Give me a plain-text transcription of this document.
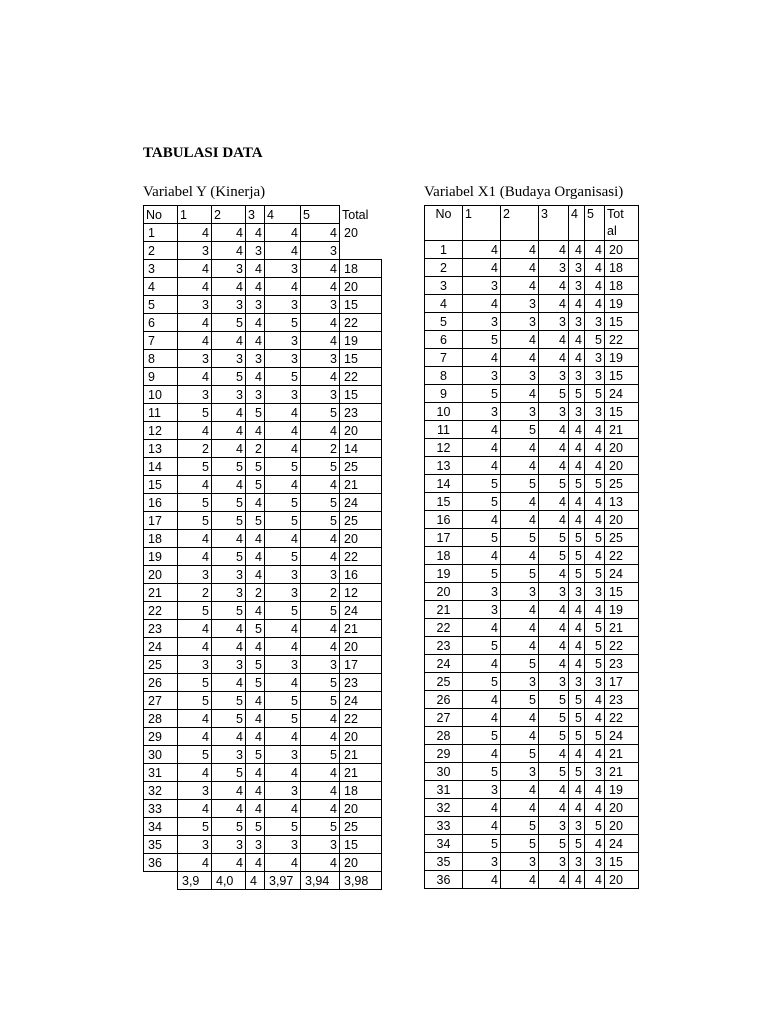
TABULASI DATA
Variabel Y (Kinerja)	Variabel X1 (Budaya Organisasi)
No	1	2	3	4	5	Total
1	4	4	4	4	4	20
2	3	4	3	4	3	
3	4	3	4	3	4	18
4	4	4	4	4	4	20
5	3	3	3	3	3	15
6	4	5	4	5	4	22
7	4	4	4	3	4	19
8	3	3	3	3	3	15
9	4	5	4	5	4	22
10	3	3	3	3	3	15
11	5	4	5	4	5	23
12	4	4	4	4	4	20
13	2	4	2	4	2	14
14	5	5	5	5	5	25
15	4	4	5	4	4	21
16	5	5	4	5	5	24
17	5	5	5	5	5	25
18	4	4	4	4	4	20
19	4	5	4	5	4	22
20	3	3	4	3	3	16
21	2	3	2	3	2	12
22	5	5	4	5	5	24
23	4	4	5	4	4	21
24	4	4	4	4	4	20
25	3	3	5	3	3	17
26	5	4	5	4	5	23
27	5	5	4	5	5	24
28	4	5	4	5	4	22
29	4	4	4	4	4	20
30	5	3	5	3	5	21
31	4	5	4	4	4	21
32	3	4	4	3	4	18
33	4	4	4	4	4	20
34	5	5	5	5	5	25
35	3	3	3	3	3	15
36	4	4	4	4	4	20
	3,9	4,0	4	3,97	3,94	3,98
No	1	2	3	4	5	Tot al
1	4	4	4	4	4	20
2	4	4	3	3	4	18
3	3	4	4	3	4	18
4	4	3	4	4	4	19
5	3	3	3	3	3	15
6	5	4	4	4	5	22
7	4	4	4	4	3	19
8	3	3	3	3	3	15
9	5	4	5	5	5	24
10	3	3	3	3	3	15
11	4	5	4	4	4	21
12	4	4	4	4	4	20
13	4	4	4	4	4	20
14	5	5	5	5	5	25
15	5	4	4	4	4	13
16	4	4	4	4	4	20
17	5	5	5	5	5	25
18	4	4	5	5	4	22
19	5	5	4	5	5	24
20	3	3	3	3	3	15
21	3	4	4	4	4	19
22	4	4	4	4	5	21
23	5	4	4	4	5	22
24	4	5	4	4	5	23
25	5	3	3	3	3	17
26	4	5	5	5	4	23
27	4	4	5	5	4	22
28	5	4	5	5	5	24
29	4	5	4	4	4	21
30	5	3	5	5	3	21
31	3	4	4	4	4	19
32	4	4	4	4	4	20
33	4	5	3	3	5	20
34	5	5	5	5	4	24
35	3	3	3	3	3	15
36	4	4	4	4	4	20
